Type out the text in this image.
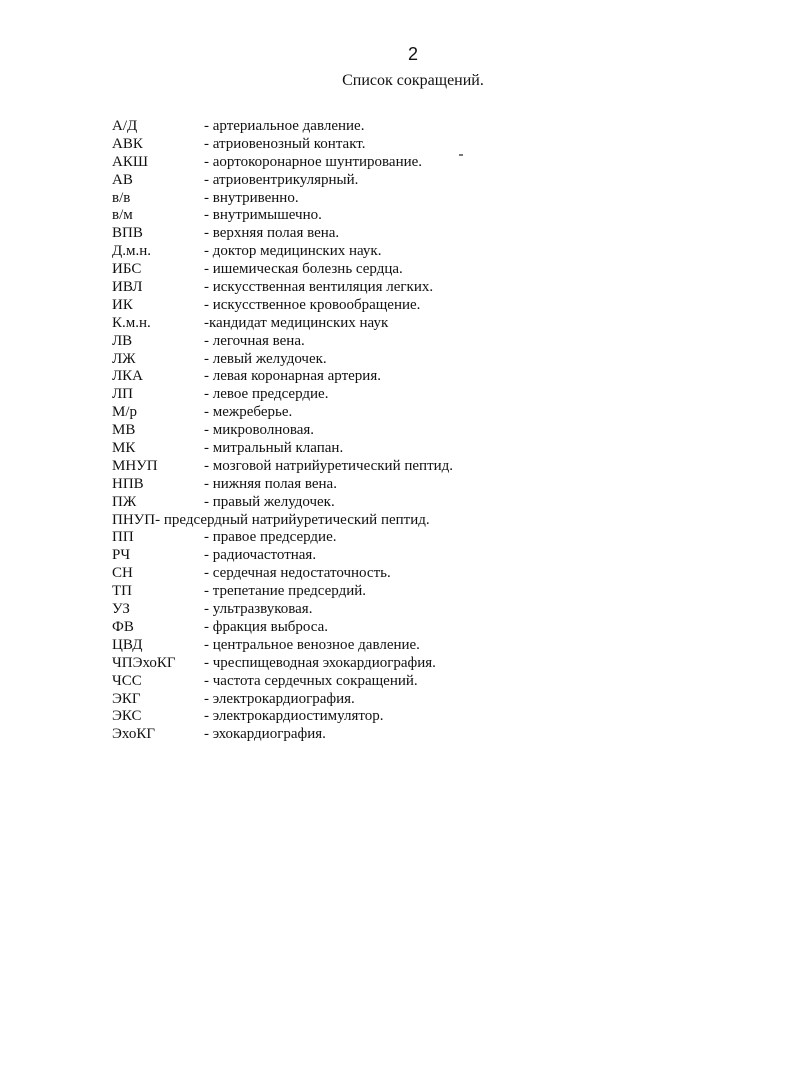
2
Список сокращений.
А/Д	- артериальное давление.
АВК	- атриовенозный контакт.
АКШ	- аортокоронарное шунтирование.
АВ	- атриовентрикулярный.
в/в	- внутривенно.
в/м	- внутримышечно.
ВПВ	- верхняя полая вена.
Д.м.н.	- доктор медицинских наук.
ИБС	- ишемическая болезнь сердца.
ИВЛ	- искусственная вентиляция легких.
ИК	- искусственное кровообращение.
К.м.н.	-кандидат медицинских наук
ЛВ	- легочная вена.
ЛЖ	- левый желудочек.
ЛКА	- левая коронарная артерия.
ЛП	- левое предсердие.
М/р	- межреберье.
МВ	- микроволновая.
МК	- митральный клапан.
МНУП	- мозговой натрийуретический пептид.
НПВ	- нижняя полая вена.
ПЖ	- правый желудочек.
ПНУП- предсердный натрийуретический пептид.
ПП	- правое предсердие.
РЧ	- радиочастотная.
СН	- сердечная недостаточность.
ТП	- трепетание предсердий.
УЗ	- ультразвуковая.
ФВ	- фракция выброса.
ЦВД	- центральное венозное давление.
ЧПЭхоКГ - чреспищеводная эхокардиография.
ЧСС	- частота сердечных сокращений.
ЭКГ	- электрокардиография.
ЭКС	- электрокардиостимулятор.
ЭхоКГ	- эхокардиография.
